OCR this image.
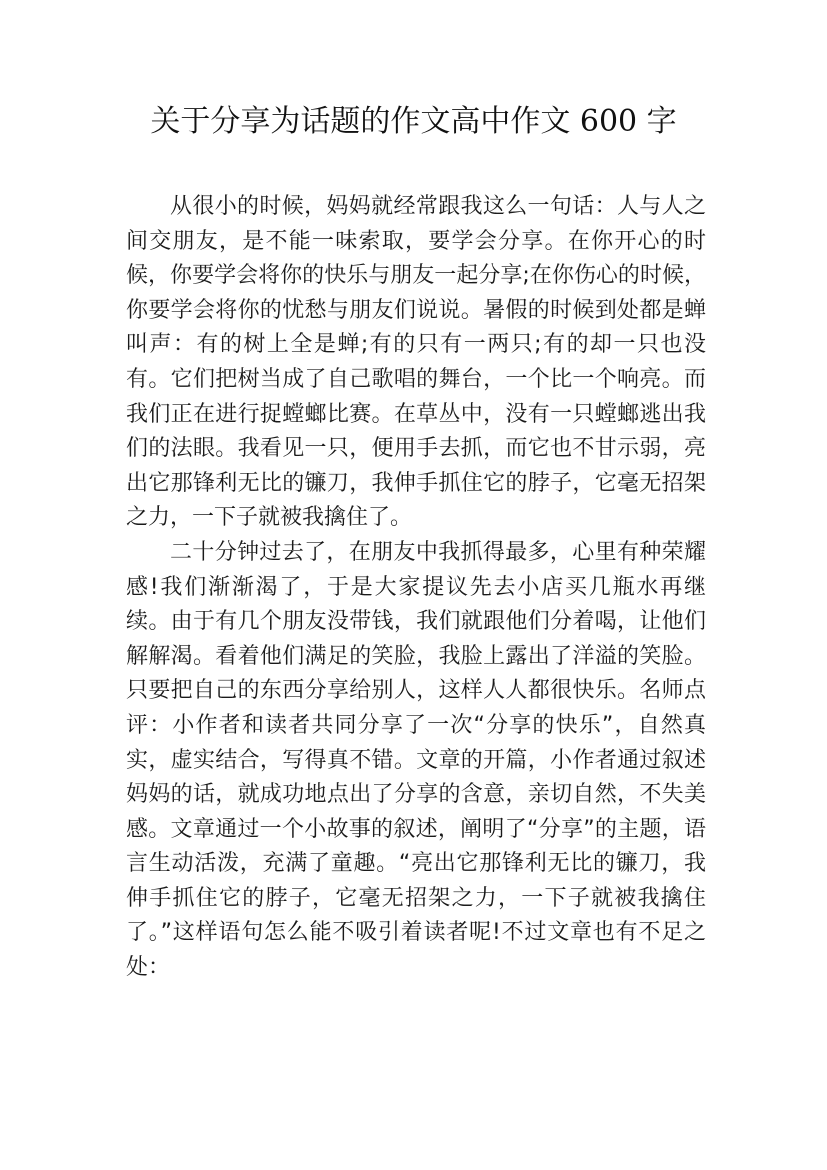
关于分享为话题的作文高中作文 600 字

从很小的时候，妈妈就经常跟我这么一句话：人与人之间交朋友，是不能一味索取，要学会分享。在你开心的时候，你要学会将你的快乐与朋友一起分享;在你伤心的时候，你要学会将你的忧愁与朋友们说说。暑假的时候到处都是蝉叫声：有的树上全是蝉;有的只有一两只;有的却一只也没有。它们把树当成了自己歌唱的舞台，一个比一个响亮。而我们正在进行捉螳螂比赛。在草丛中，没有一只螳螂逃出我们的法眼。我看见一只，便用手去抓，而它也不甘示弱，亮出它那锋利无比的镰刀，我伸手抓住它的脖子，它毫无招架之力，一下子就被我擒住了。

二十分钟过去了，在朋友中我抓得最多，心里有种荣耀感!我们渐渐渴了，于是大家提议先去小店买几瓶水再继续。由于有几个朋友没带钱，我们就跟他们分着喝，让他们解解渴。看着他们满足的笑脸，我脸上露出了洋溢的笑脸。只要把自己的东西分享给别人，这样人人都很快乐。名师点评：小作者和读者共同分享了一次“分享的快乐”，自然真实，虚实结合，写得真不错。文章的开篇，小作者通过叙述妈妈的话，就成功地点出了分享的含意，亲切自然，不失美感。文章通过一个小故事的叙述，阐明了“分享”的主题，语言生动活泼，充满了童趣。“亮出它那锋利无比的镰刀，我伸手抓住它的脖子，它毫无招架之力，一下子就被我擒住了。”这样语句怎么能不吸引着读者呢!不过文章也有不足之处：
